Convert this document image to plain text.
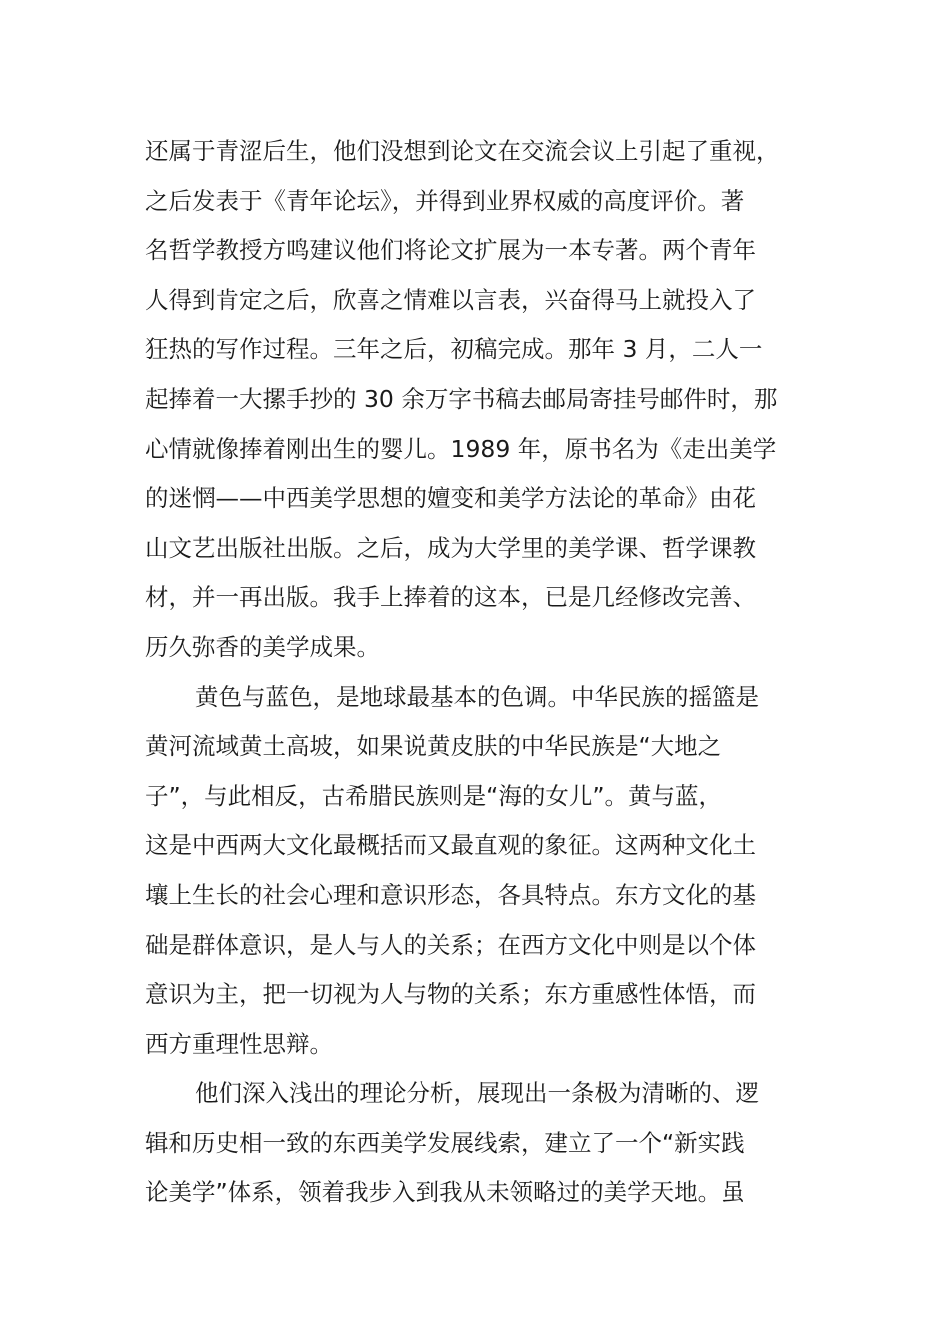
还属于青涩后生，他们没想到论文在交流会议上引起了重视，
之后发表于《青年论坛》，并得到业界权威的高度评价。著
名哲学教授方鸣建议他们将论文扩展为一本专著。两个青年
人得到肯定之后，欣喜之情难以言表，兴奋得马上就投入了
狂热的写作过程。三年之后，初稿完成。那年 3 月，二人一
起捧着一大摞手抄的 30 余万字书稿去邮局寄挂号邮件时，那
心情就像捧着刚出生的婴儿。1989 年，原书名为《走出美学
的迷惘——中西美学思想的嬗变和美学方法论的革命》由花
山文艺出版社出版。之后，成为大学里的美学课、哲学课教
材，并一再出版。我手上捧着的这本，已是几经修改完善、
历久弥香的美学成果。
黄色与蓝色，是地球最基本的色调。中华民族的摇篮是
黄河流域黄土高坡，如果说黄皮肤的中华民族是“大地之
子”，与此相反，古希腊民族则是“海的女儿”。黄与蓝，
这是中西两大文化最概括而又最直观的象征。这两种文化土
壤上生长的社会心理和意识形态，各具特点。东方文化的基
础是群体意识，是人与人的关系；在西方文化中则是以个体
意识为主，把一切视为人与物的关系；东方重感性体悟，而
西方重理性思辩。
他们深入浅出的理论分析，展现出一条极为清晰的、逻
辑和历史相一致的东西美学发展线索，建立了一个“新实践
论美学”体系，领着我步入到我从未领略过的美学天地。虽
